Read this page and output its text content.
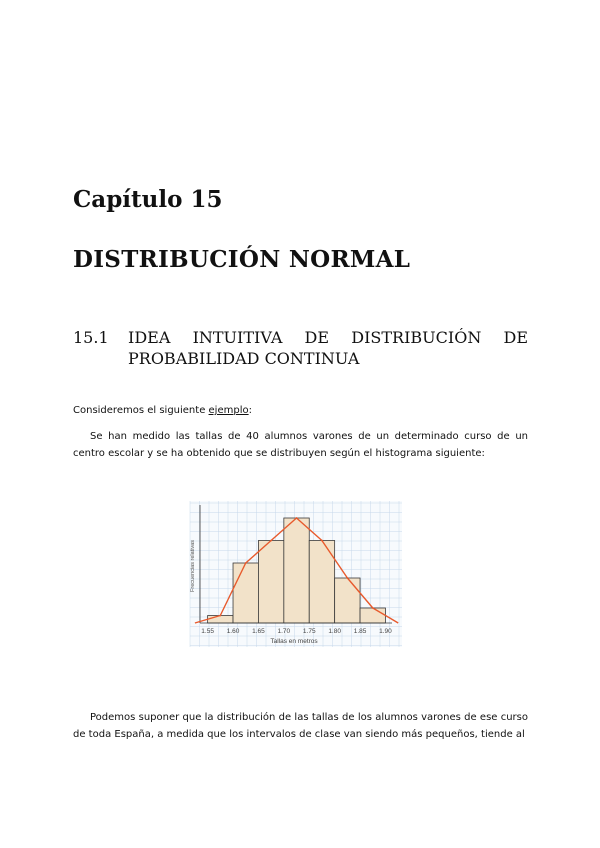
Capítulo 15
DISTRIBUCIÓN NORMAL
15.1 IDEA INTUITIVA DE DISTRIBUCIÓN DE
PROBABILIDAD CONTINUA

Consideremos el siguiente ejemplo:

Se han medido las tallas de 40 alumnos varones de un determinado curso de un centro escolar y se ha obtenido que se distribuyen según el histograma siguiente:

1.55 1.60 1.65 1.70 1.75 1.80 1.85 1.90
Tallas en metros
Frecuencias relativas

Podemos suponer que la distribución de las tallas de los alumnos varones de ese curso de toda España, a medida que los intervalos de clase van siendo más pequeños, tiende al
